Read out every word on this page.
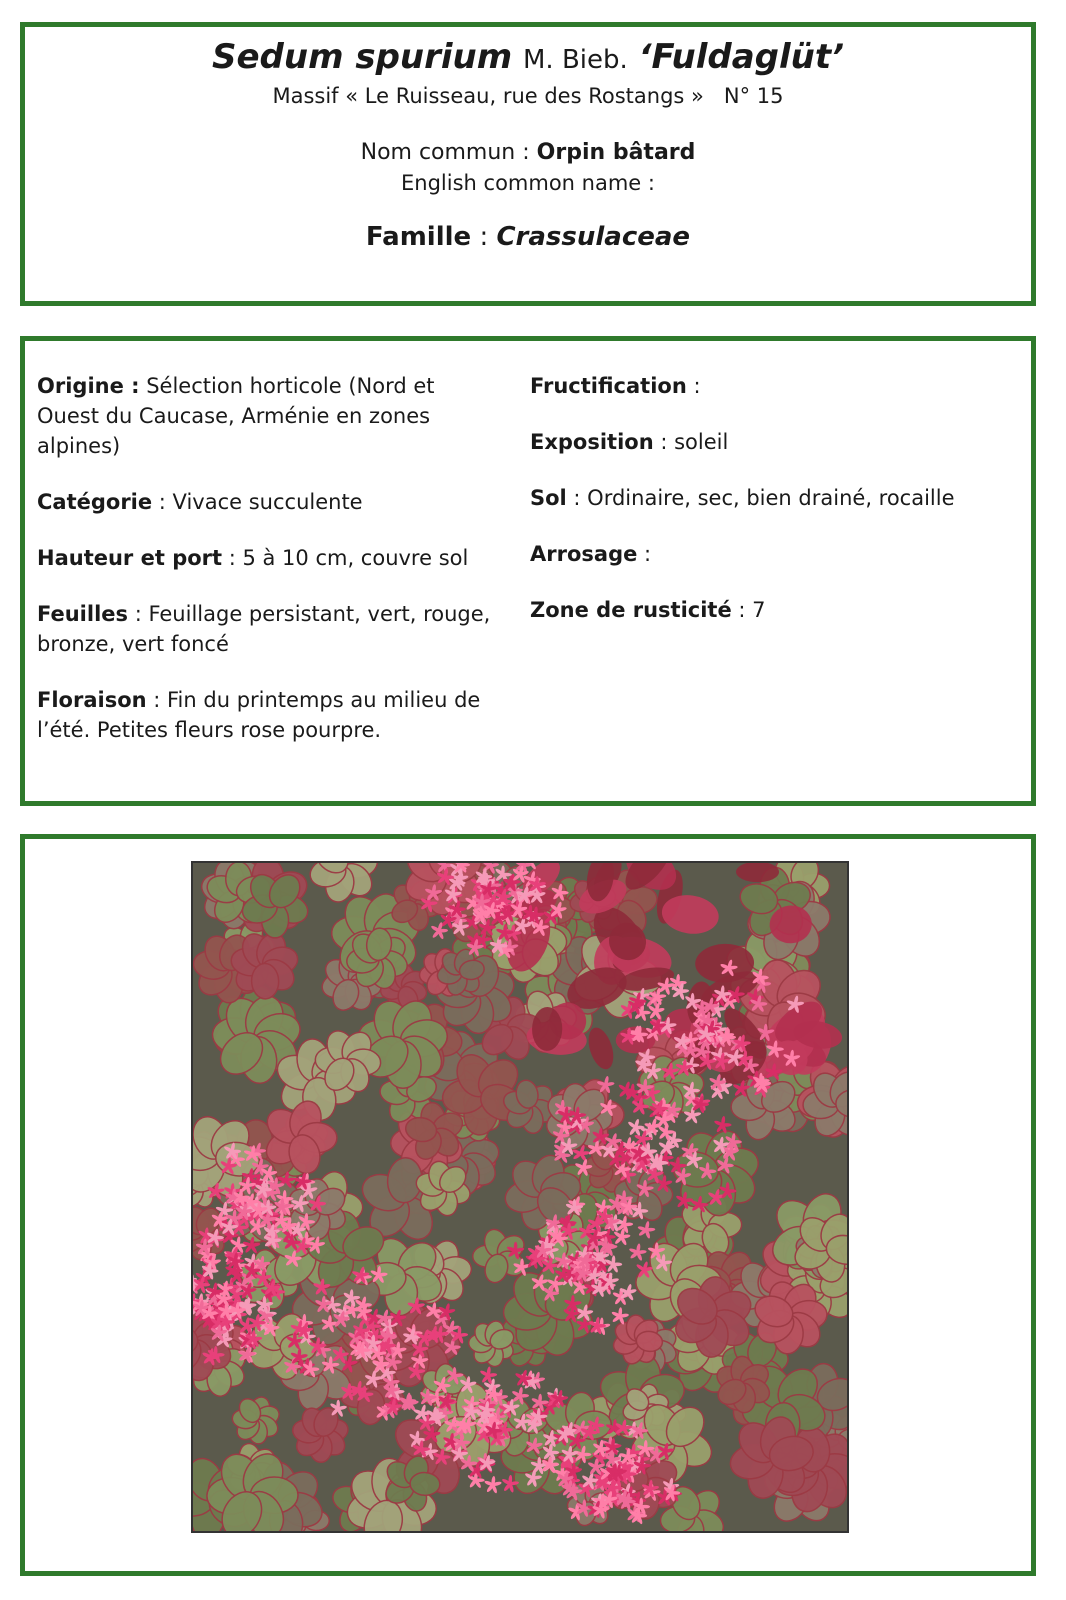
Sedum spurium M. Bieb. ‘Fuldaglüt’
Massif « Le Ruisseau, rue des Rostangs » N° 15
Nom commun : Orpin bâtard
English common name :
Famille : Crassulaceae
Origine : Sélection horticole (Nord et Ouest du Caucase, Arménie en zones alpines)
Catégorie : Vivace succulente
Hauteur et port : 5 à 10 cm, couvre sol
Feuilles : Feuillage persistant, vert, rouge, bronze, vert foncé
Floraison : Fin du printemps au milieu de l’été. Petites fleurs rose pourpre.
Fructification :
Exposition : soleil
Sol : Ordinaire, sec, bien drainé, rocaille
Arrosage :
Zone de rusticité : 7
